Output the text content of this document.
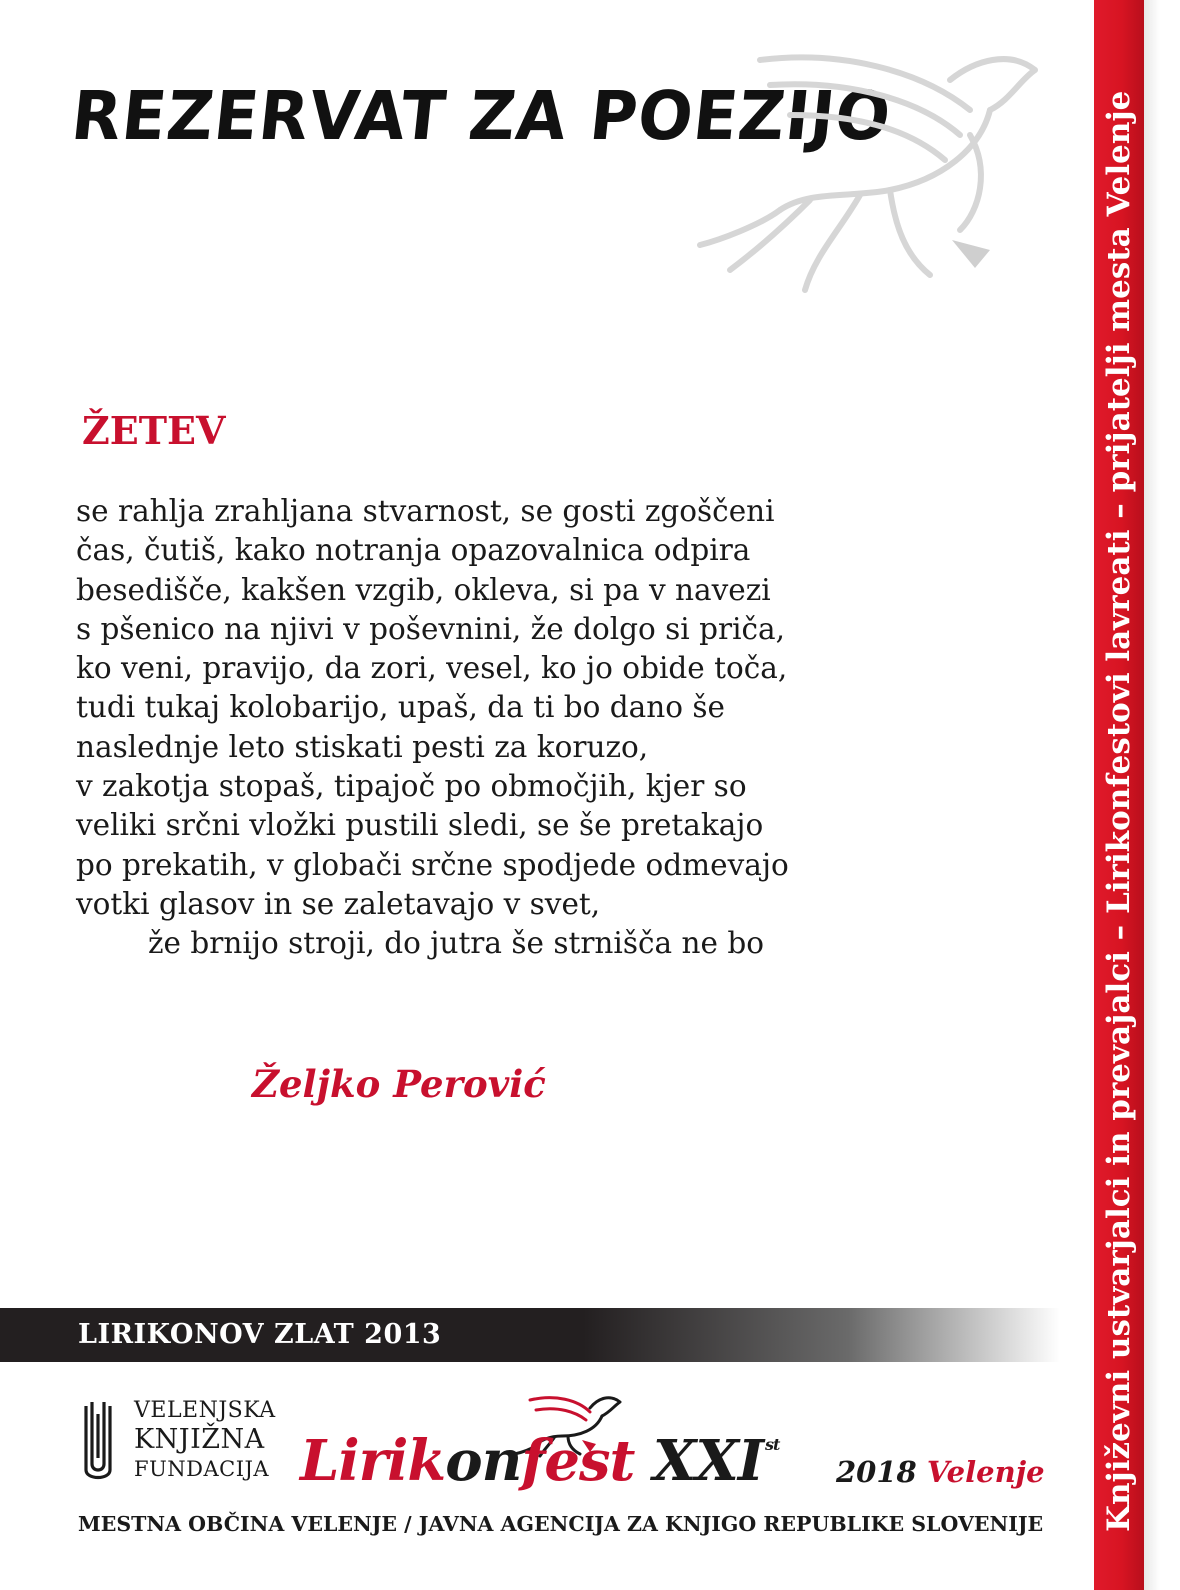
REZERVAT ZA POEZIJO
ŽETEV
se rahlja zrahljana stvarnost, se gosti zgoščeni
čas, čutiš, kako notranja opazovalnica odpira
besedišče, kakšen vzgib, okleva, si pa v navezi
s pšenico na njivi v poševnini, že dolgo si priča,
ko veni, pravijo, da zori, vesel, ko jo obide toča,
tudi tukaj kolobarijo, upaš, da ti bo dano še
naslednje leto stiskati pesti za koruzo,
v zakotja stopaš, tipajoč po območjih, kjer so
veliki srčni vložki pustili sledi, se še pretakajo
po prekatih, v globači srčne spodjede odmevajo
votki glasov in se zaletavajo v svet,
že brnijo stroji, do jutra še strnišča ne bo
Željko Perović
LIRIKONOV ZLAT 2013
VELENJSKA
KNJIŽNA
FUNDACIJA Lirikonfest XXI $^{st}$
2018 Velenje
MESTNA OBČINA VELENJE / JAVNA AGENCIJA ZA KNJIGO REPUBLIKE SLOVENIJE Književni ustvarjalci in prevajalci – Lirikonfestovi lavreati – prijatelji mesta Velenje
